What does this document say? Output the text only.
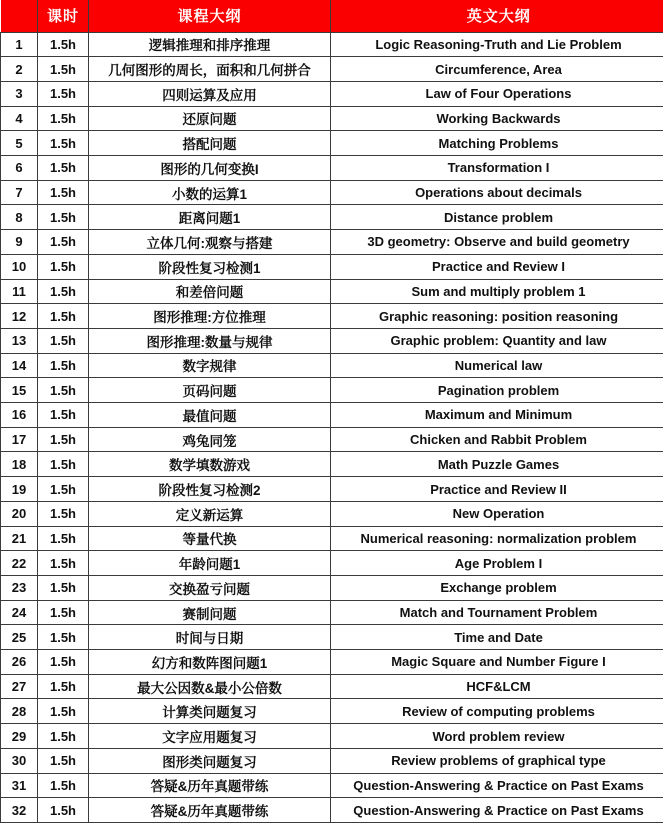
	课时	课程大纲	英文大纲
1	1.5h	逻辑推理和排序推理	Logic Reasoning-Truth and Lie Problem
2	1.5h	几何图形的周长，面积和几何拼合	Circumference, Area
3	1.5h	四则运算及应用	Law of Four Operations
4	1.5h	还原问题	Working Backwards
5	1.5h	搭配问题	Matching Problems
6	1.5h	图形的几何变换I	Transformation I
7	1.5h	小数的运算1	Operations about decimals
8	1.5h	距离问题1	Distance problem
9	1.5h	立体几何:观察与搭建	3D geometry: Observe and build geometry
10	1.5h	阶段性复习检测1	Practice and Review I
11	1.5h	和差倍问题	Sum and multiply problem 1
12	1.5h	图形推理:方位推理	Graphic reasoning: position reasoning
13	1.5h	图形推理:数量与规律	Graphic problem: Quantity and law
14	1.5h	数字规律	Numerical law
15	1.5h	页码问题	Pagination problem
16	1.5h	最值问题	Maximum and Minimum
17	1.5h	鸡兔同笼	Chicken and Rabbit Problem
18	1.5h	数学填数游戏	Math Puzzle Games
19	1.5h	阶段性复习检测2	Practice and Review II
20	1.5h	定义新运算	New Operation
21	1.5h	等量代换	Numerical reasoning: normalization problem
22	1.5h	年龄问题1	Age Problem I
23	1.5h	交换盈亏问题	Exchange problem
24	1.5h	赛制问题	Match and Tournament Problem
25	1.5h	时间与日期	Time and Date
26	1.5h	幻方和数阵图问题1	Magic Square and Number Figure I
27	1.5h	最大公因数&最小公倍数	HCF&LCM
28	1.5h	计算类问题复习	Review of computing problems
29	1.5h	文字应用题复习	Word problem review
30	1.5h	图形类问题复习	Review problems of graphical type
31	1.5h	答疑&历年真题带练	Question-Answering & Practice on Past Exams
32	1.5h	答疑&历年真题带练	Question-Answering & Practice on Past Exams
